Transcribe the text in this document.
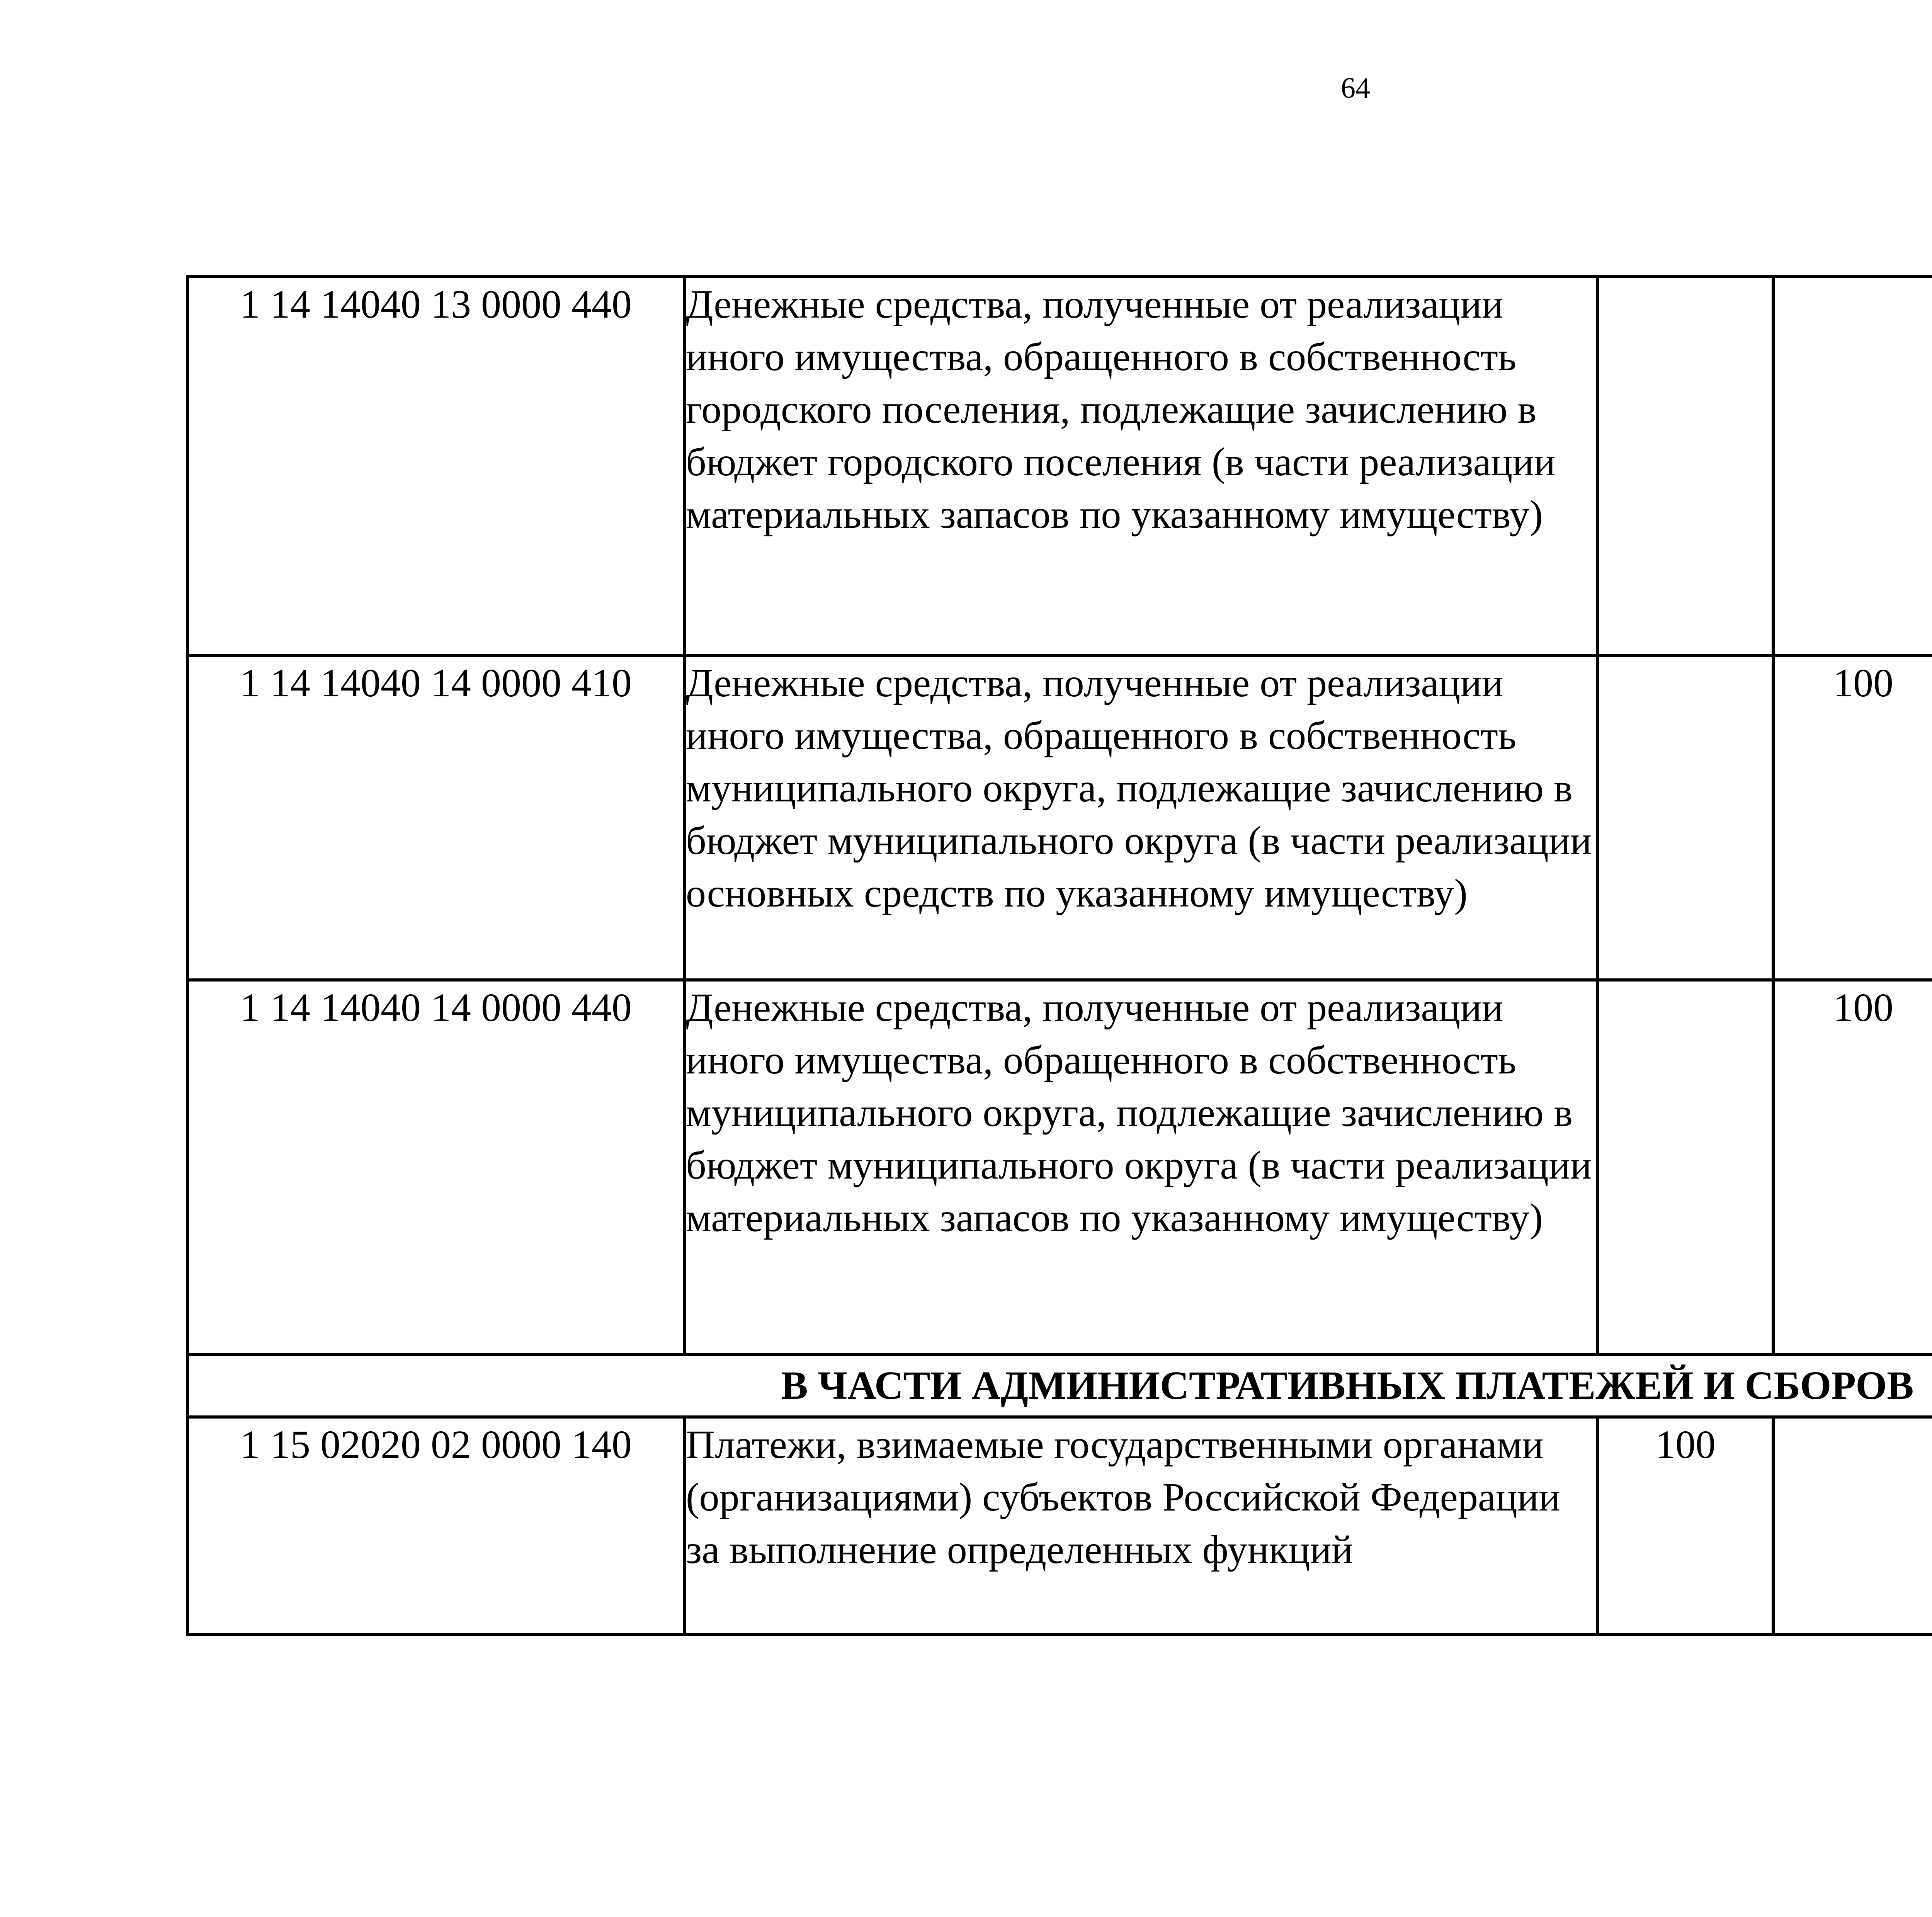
64
1 14 14040 13 0000 440	Денежные средства, полученные от реализации иного имущества, обращенного в собственность городского поселения, подлежащие зачислению в бюджет городского поселения (в части реализации материальных запасов по указанному имуществу)					
1 14 14040 14 0000 410	Денежные средства, полученные от реализации иного имущества, обращенного в собственность муниципального округа, подлежащие зачислению в бюджет муниципального округа (в части реализации основных средств по указанному имуществу)		100			
1 14 14040 14 0000 440	Денежные средства, полученные от реализации иного имущества, обращенного в собственность муниципального округа, подлежащие зачислению в бюджет муниципального округа (в части реализации материальных запасов по указанному имуществу)		100			
В ЧАСТИ АДМИНИСТРАТИВНЫХ ПЛАТЕЖЕЙ И СБОРОВ						
1 15 02020 02 0000 140	Платежи, взимаемые государственными органами (организациями) субъектов Российской Федерации за выполнение определенных функций	100				
